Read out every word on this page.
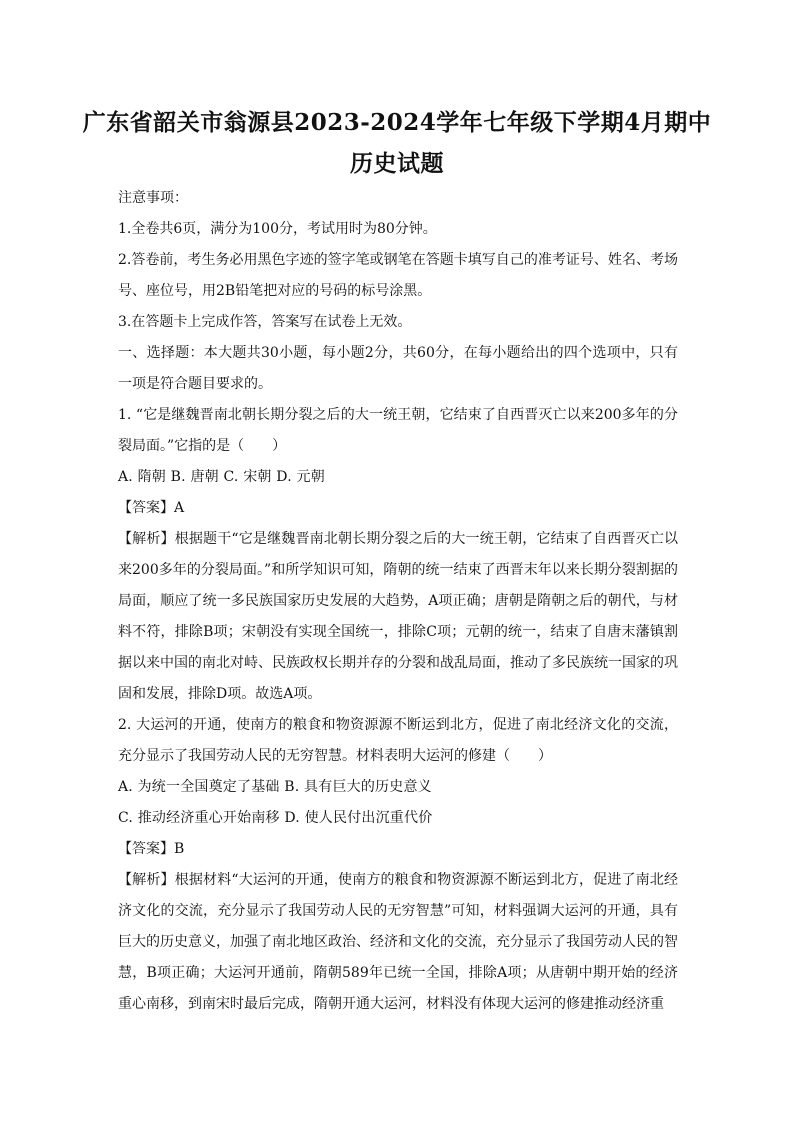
广东省韶关市翁源县2023-2024学年七年级下学期4月期中
历史试题

注意事项：

1.全卷共6页，满分为100分，考试用时为80分钟。

2.答卷前，考生务必用黑色字迹的签字笔或钢笔在答题卡填写自己的准考证号、姓名、考场号、座位号，用2B铅笔把对应的号码的标号涂黑。

3.在答题卡上完成作答，答案写在试卷上无效。

一、选择题：本大题共30小题，每小题2分，共60分，在每小题给出的四个选项中，只有一项是符合题目要求的。

1. “它是继魏晋南北朝长期分裂之后的大一统王朝，它结束了自西晋灭亡以来200多年的分裂局面。”它指的是（　　）

A. 隋朝 B. 唐朝 C. 宋朝 D. 元朝

【答案】A

【解析】根据题干“它是继魏晋南北朝长期分裂之后的大一统王朝，它结束了自西晋灭亡以来200多年的分裂局面。”和所学知识可知，隋朝的统一结束了西晋末年以来长期分裂割据的局面，顺应了统一多民族国家历史发展的大趋势，A项正确；唐朝是隋朝之后的朝代，与材料不符，排除B项；宋朝没有实现全国统一，排除C项；元朝的统一，结束了自唐末藩镇割据以来中国的南北对峙、民族政权长期并存的分裂和战乱局面，推动了多民族统一国家的巩固和发展，排除D项。故选A项。

2. 大运河的开通，使南方的粮食和物资源源不断运到北方，促进了南北经济文化的交流，充分显示了我国劳动人民的无穷智慧。材料表明大运河的修建（　　）

A. 为统一全国奠定了基础 B. 具有巨大的历史意义

C. 推动经济重心开始南移 D. 使人民付出沉重代价

【答案】B

【解析】根据材料“大运河的开通，使南方的粮食和物资源源不断运到北方，促进了南北经济文化的交流，充分显示了我国劳动人民的无穷智慧”可知，材料强调大运河的开通，具有巨大的历史意义，加强了南北地区政治、经济和文化的交流，充分显示了我国劳动人民的智慧，B项正确；大运河开通前，隋朝589年已统一全国，排除A项；从唐朝中期开始的经济重心南移，到南宋时最后完成，隋朝开通大运河，材料没有体现大运河的修建推动经济重
